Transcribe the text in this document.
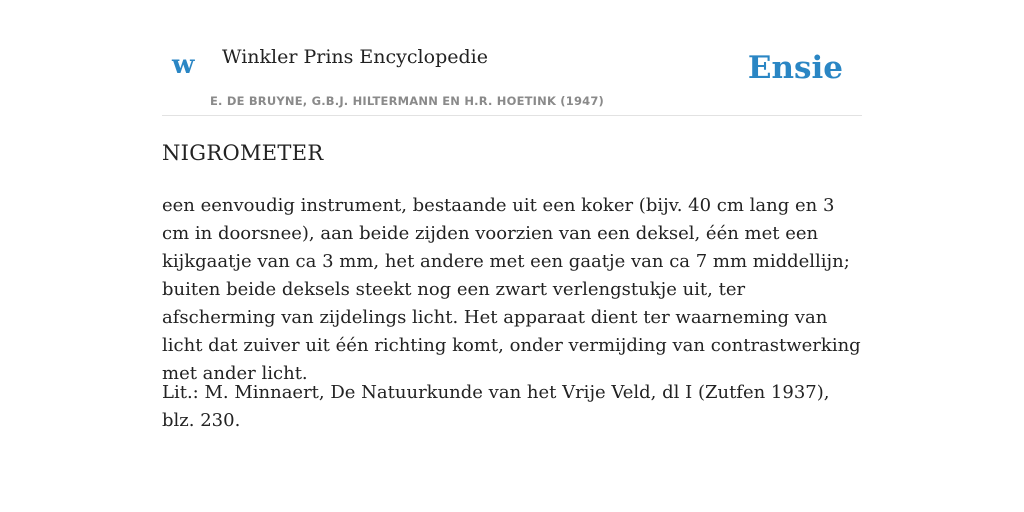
w Winkler Prins Encyclopedie
E. DE BRUYNE, G.B.J. HILTERMANN EN H.R. HOETINK (1947)
Ensie
NIGROMETER

een eenvoudig instrument, bestaande uit een koker (bijv. 40 cm lang en 3 cm in doorsnee), aan beide zijden voorzien van een deksel, één met een kijkgaatje van ca 3 mm, het andere met een gaatje van ca 7 mm middellijn; buiten beide deksels steekt nog een zwart verlengstukje uit, ter afscherming van zijdelings licht. Het apparaat dient ter waarneming van licht dat zuiver uit één richting komt, onder vermijding van contrastwerking met ander licht.

Lit.: M. Minnaert, De Natuurkunde van het Vrije Veld, dl I (Zutfen 1937), blz. 230.
